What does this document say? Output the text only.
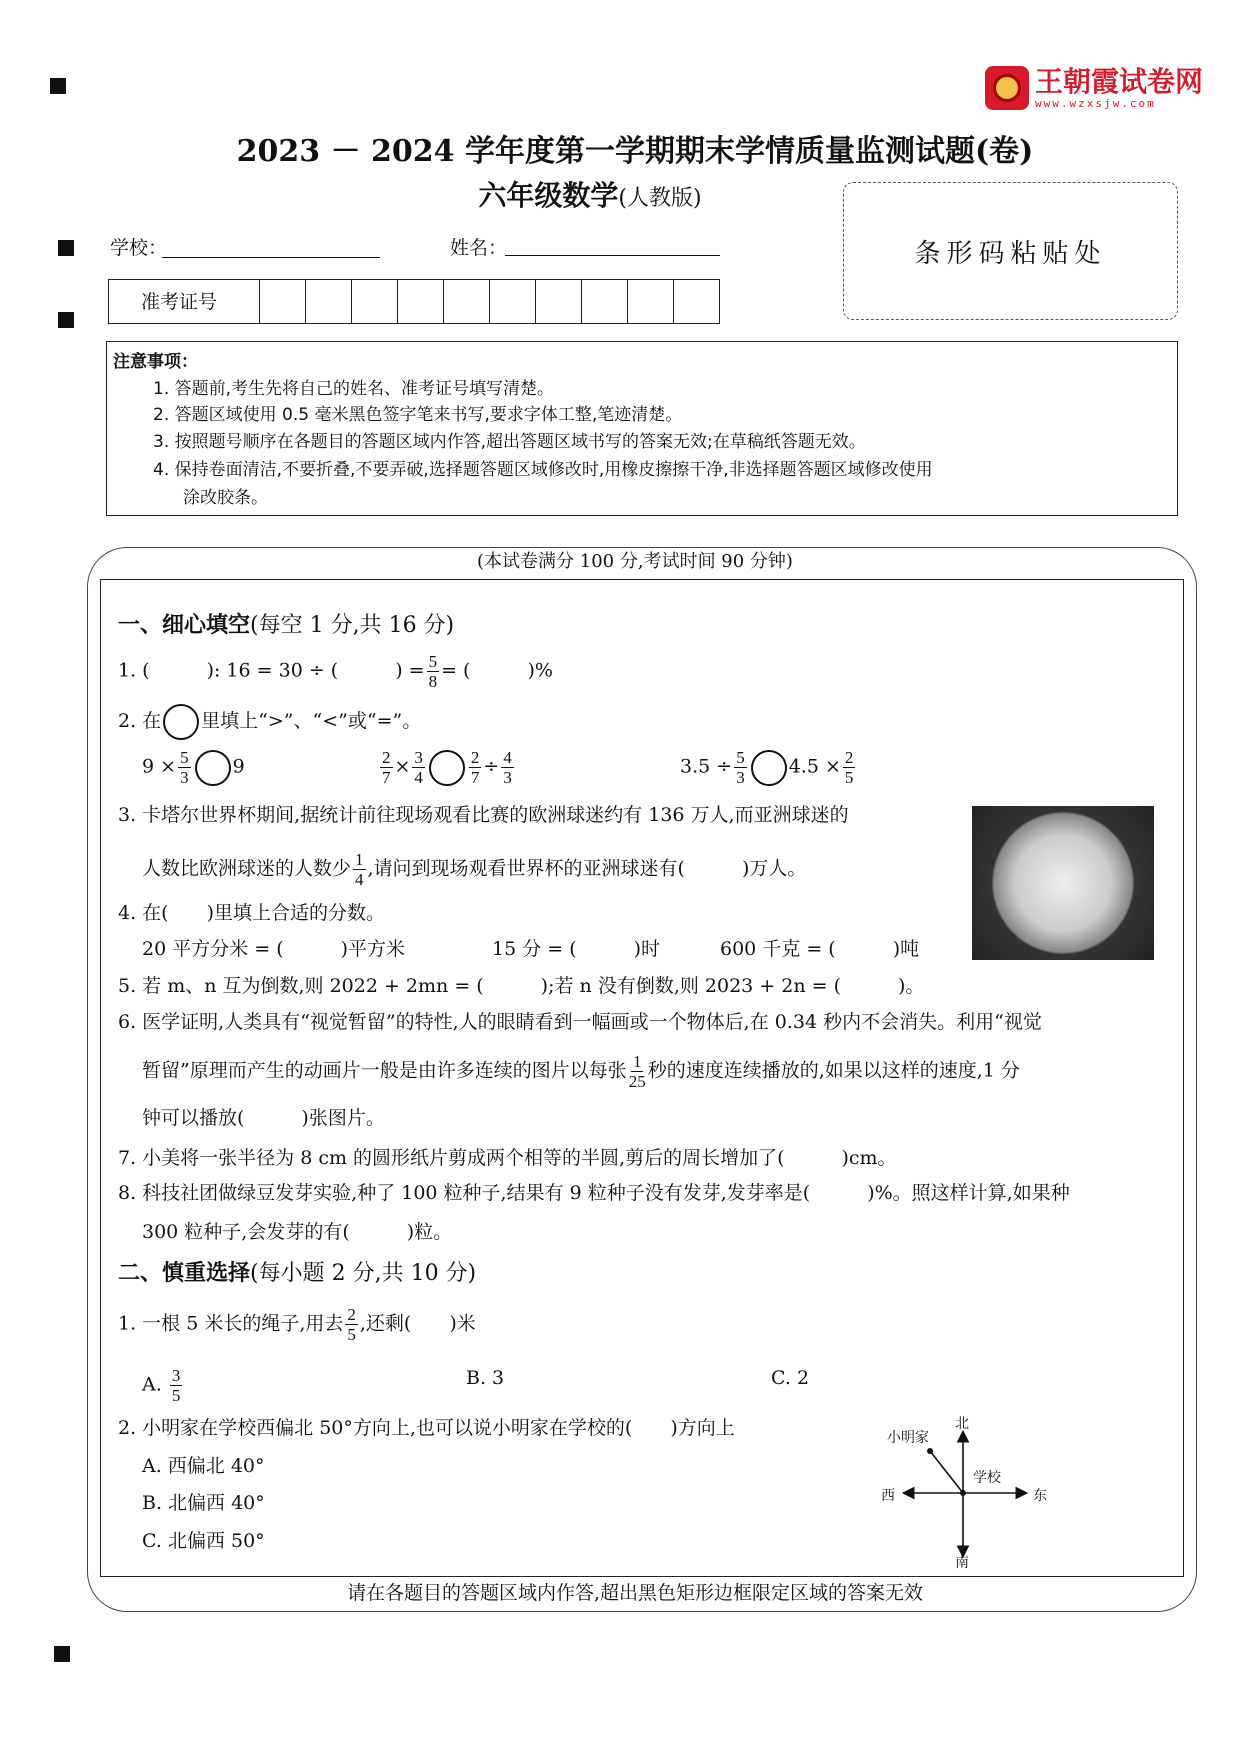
王朝霞试卷网
www.wzxsjw.com
2023 － 2024 学年度第一学期期末学情质量监测试题(卷)
六年级数学(人教版)
学校：	姓名：
准考证号
条形码粘贴处
注意事项：
1. 答题前,考生先将自己的姓名、准考证号填写清楚。
2. 答题区域使用 0.5 毫米黑色签字笔来书写,要求字体工整,笔迹清楚。
3. 按照题号顺序在各题目的答题区域内作答,超出答题区域书写的答案无效;在草稿纸答题无效。
4. 保持卷面清洁,不要折叠,不要弄破,选择题答题区域修改时,用橡皮擦擦干净,非选择题答题区域修改使用
涂改胶条。
(本试卷满分 100 分,考试时间 90 分钟)
请在各题目的答题区域内作答,超出黑色矩形边框限定区域的答案无效
一、细心填空(每空 1 分,共 16 分)
1. (　　　): 16 = 30 ÷ (　　　) = $\frac{5}{8}$ = (　　　)%
2. 在 里填上“>”、“<”或“=”。
$9 \times \frac{5}{3} 9$	$\frac{2}{7} \times \frac{3}{4}$	$\frac{2}{7} \div \frac{4}{3}$	$3.5 \div \frac{5}{3} 4.5 \times \frac{2}{5}$
3. 卡塔尔世界杯期间,据统计前往现场观看比赛的欧洲球迷约有 136 万人,而亚洲球迷的
人数比欧洲球迷的人数少 $\frac{1}{4}$ ,请问到现场观看世界杯的亚洲球迷有(　　　)万人。
4. 在(　　)里填上合适的分数。
20 平方分米 = (　　　)平方米	15 分 = (　　　)时	600 千克 = (　　　)吨
5. 若 m、n 互为倒数,则 2022 + 2mn = (　　　);若 n 没有倒数,则 2023 + 2n = (　　　)。
6. 医学证明,人类具有“视觉暂留”的特性,人的眼睛看到一幅画或一个物体后,在 0.34 秒内不会消失。利用“视觉
暂留”原理而产生的动画片一般是由许多连续的图片以每张 $\frac{1}{25}$ 秒的速度连续播放的,如果以这样的速度,1 分
钟可以播放(　　　)张图片。
7. 小美将一张半径为 8 cm 的圆形纸片剪成两个相等的半圆,剪后的周长增加了(　　　)cm。
8. 科技社团做绿豆发芽实验,种了 100 粒种子,结果有 9 粒种子没有发芽,发芽率是(　　　)%。照这样计算,如果种
300 粒种子,会发芽的有(　　　)粒。
二、慎重选择(每小题 2 分,共 10 分)
1. 一根 5 米长的绳子,用去 $\frac{2}{5}$ ,还剩(　　)米
A. $\frac{3}{5}$	B. 3	C. 2
2. 小明家在学校西偏北 50°方向上,也可以说小明家在学校的(　　)方向上
A. 西偏北 40°
B. 北偏西 40°
C. 北偏西 50°
北
南
东
西
小明家
学校
